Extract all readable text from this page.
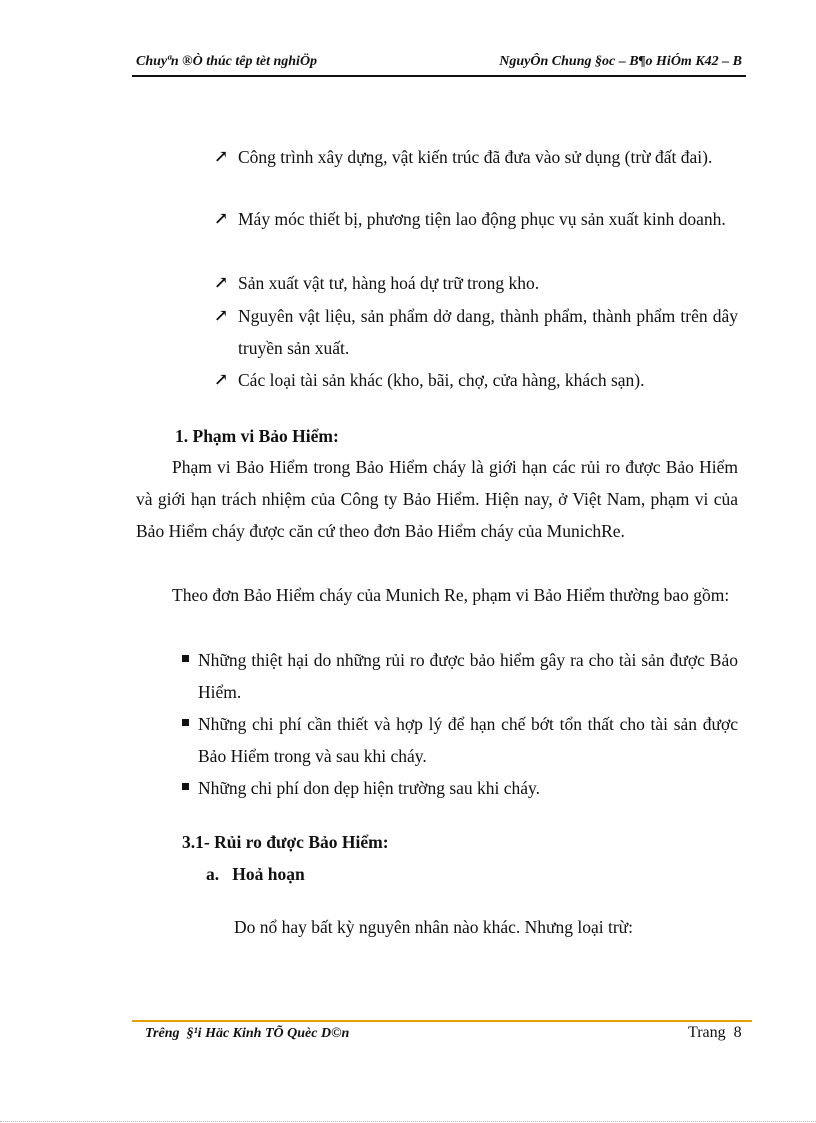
Chuyªn ®Ò thúc têp tèt nghiÖp	NguyÔn Chung §oc – B¶o HiÓm K42 – B
↗ Công trình xây dựng, vật kiến trúc đã đưa vào sử dụng (trừ đất đai).
↗ Máy móc thiết bị, phương tiện lao động phục vụ sản xuất kinh doanh.
↗ Sản xuất vật tư, hàng hoá dự trữ trong kho.
↗ Nguyên vật liệu, sản phẩm dở dang, thành phẩm, thành phẩm trên dây truyền sản xuất.
↗ Các loại tài sản khác (kho, bãi, chợ, cửa hàng, khách sạn).
1. Phạm vi Bảo Hiểm:
Phạm vi Bảo Hiểm trong Bảo Hiểm cháy là giới hạn các rủi ro được Bảo Hiểm và giới hạn trách nhiệm của Công ty Bảo Hiểm. Hiện nay, ở Việt Nam, phạm vi của Bảo Hiểm cháy được căn cứ theo đơn Bảo Hiểm cháy của MunichRe.
Theo đơn Bảo Hiểm cháy của Munich Re, phạm vi Bảo Hiểm thường bao gồm:
Những thiệt hại do những rủi ro được bảo hiểm gây ra cho tài sản được Bảo Hiểm.
Những chi phí cần thiết và hợp lý để hạn chế bớt tổn thất cho tài sản được Bảo Hiểm trong và sau khi cháy.
Những chi phí don dẹp hiện trường sau khi cháy.
3.1- Rủi ro được Bảo Hiểm:
a.   Hoả hoạn
Do nổ hay bất kỳ nguyên nhân nào khác. Nhưng loại trừ:
Trêng  §¹i Häc Kinh TÕ Quèc D©n	Trang  8
